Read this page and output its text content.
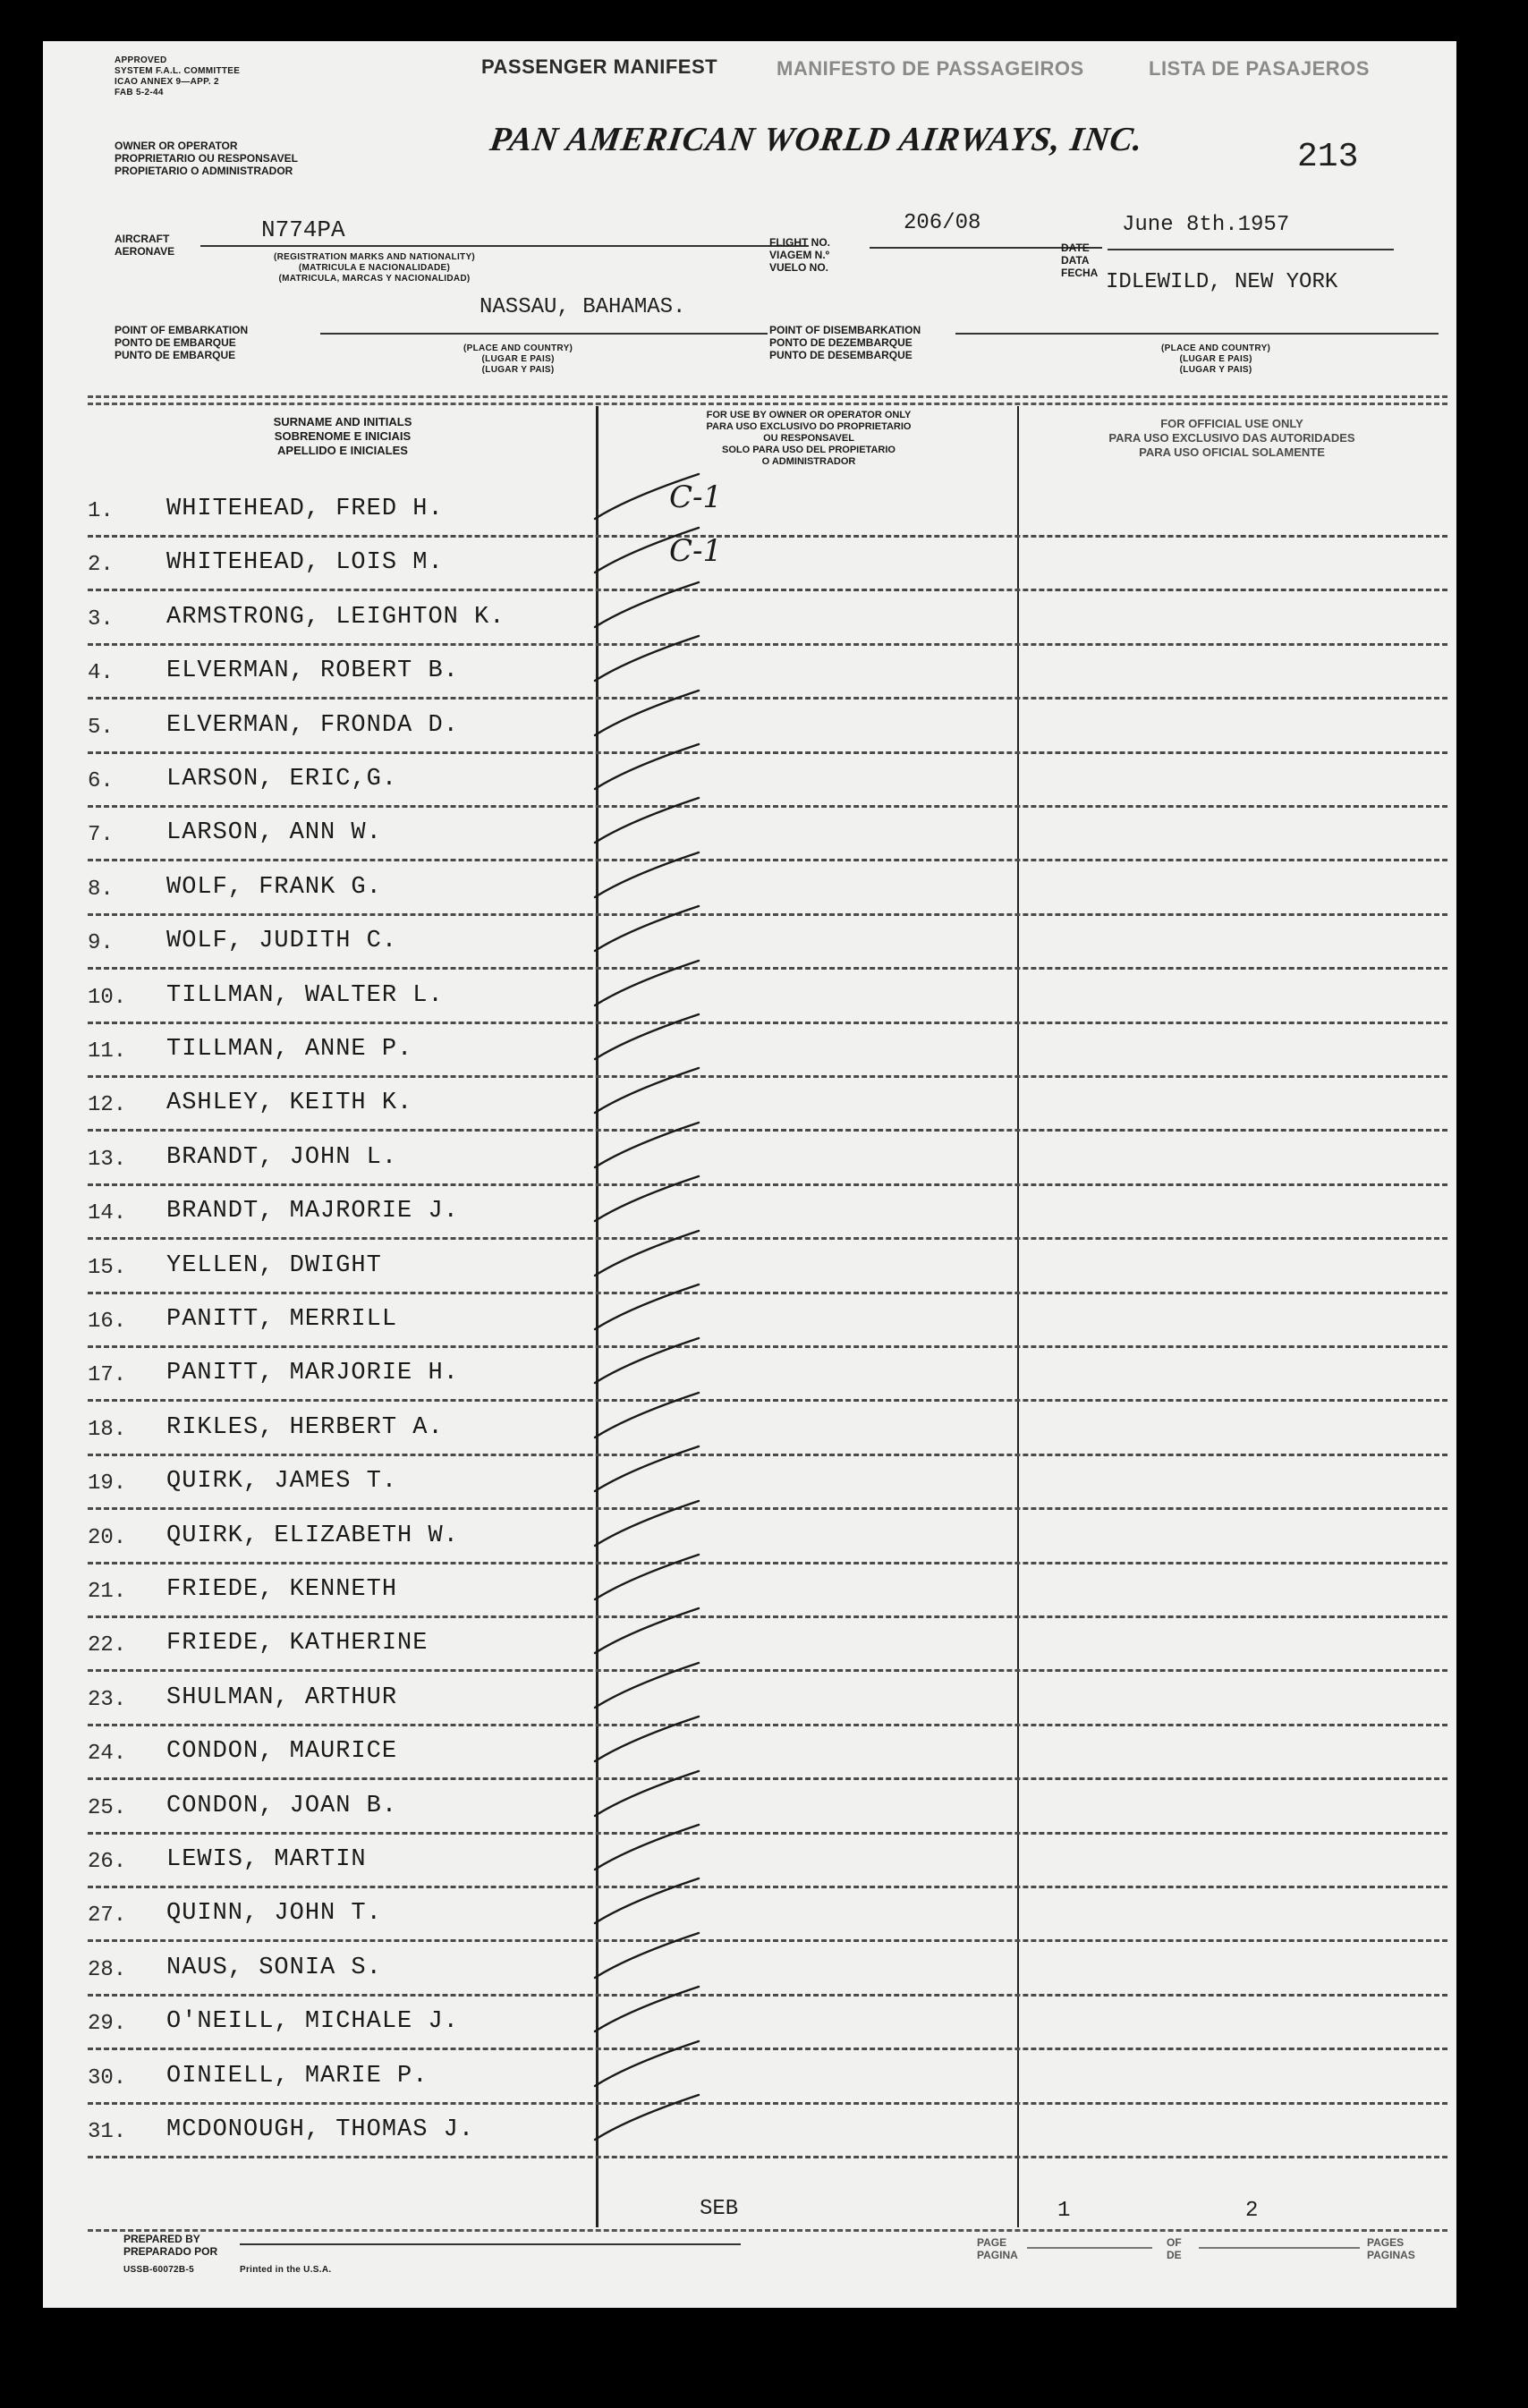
APPROVED
SYSTEM F.A.L. COMMITTEE
ICAO ANNEX 9—APP. 2
FAB 5-2-44
PASSENGER MANIFEST	MANIFESTO DE PASSAGEIROS	LISTA DE PASAJEROS
OWNER OR OPERATOR
PROPRIETARIO OU RESPONSAVEL
PROPIETARIO O ADMINISTRADOR
PAN AMERICAN WORLD AIRWAYS, INC.	213
AIRCRAFT
AERONAVE
N774PA
(REGISTRATION MARKS AND NATIONALITY)
(MATRICULA E NACIONALIDADE)
(MATRICULA, MARCAS Y NACIONALIDAD)
FLIGHT NO.
VIAGEM N.º
VUELO NO.
206/08
DATE
DATA
FECHA
June 8th.1957
NASSAU, BAHAMAS.
POINT OF EMBARKATION
PONTO DE EMBARQUE
PUNTO DE EMBARQUE
(PLACE AND COUNTRY)
(LUGAR E PAIS)
(LUGAR Y PAIS)
IDLEWILD, NEW YORK
POINT OF DISEMBARKATION
PONTO DE DEZEMBARQUE
PUNTO DE DESEMBARQUE
(PLACE AND COUNTRY)
(LUGAR E PAIS)
(LUGAR Y PAIS)
SURNAME AND INITIALS
SOBRENOME E INICIAIS
APELLIDO E INICIALES
FOR USE BY OWNER OR OPERATOR ONLY
PARA USO EXCLUSIVO DO PROPRIETARIO
OU RESPONSAVEL
SOLO PARA USO DEL PROPIETARIO
O ADMINISTRADOR
FOR OFFICIAL USE ONLY
PARA USO EXCLUSIVO DAS AUTORIDADES
PARA USO OFICIAL SOLAMENTE
1.	WHITEHEAD, FRED H.	C-1
2.	WHITEHEAD, LOIS M.	C-1
3.	ARMSTRONG, LEIGHTON K.
4.	ELVERMAN, ROBERT B.
5.	ELVERMAN, FRONDA D.
6.	LARSON, ERIC,G.
7.	LARSON, ANN W.
8.	WOLF, FRANK G.
9.	WOLF, JUDITH C.
10. TILLMAN, WALTER L.
11. TILLMAN, ANNE P.
12. ASHLEY, KEITH K.
13. BRANDT, JOHN L.
14. BRANDT, MAJRORIE J.
15. YELLEN, DWIGHT
16. PANITT, MERRILL
17. PANITT, MARJORIE H.
18. RIKLES, HERBERT A.
19. QUIRK, JAMES T.
20. QUIRK, ELIZABETH W.
21. FRIEDE, KENNETH
22. FRIEDE, KATHERINE
23. SHULMAN, ARTHUR
24. CONDON, MAURICE
25. CONDON, JOAN B.
26. LEWIS, MARTIN
27. QUINN, JOHN T.
28. NAUS, SONIA S.
29. O'NEILL, MICHALE J.
30. OINIELL, MARIE P.
31. MCDONOUGH, THOMAS J.
PREPARED BY
PREPARADO POR
SEB
USSB-60072B-5	Printed in the U.S.A.
PAGE
PAGINA
1
OF
DE
2
PAGES
PAGINAS
